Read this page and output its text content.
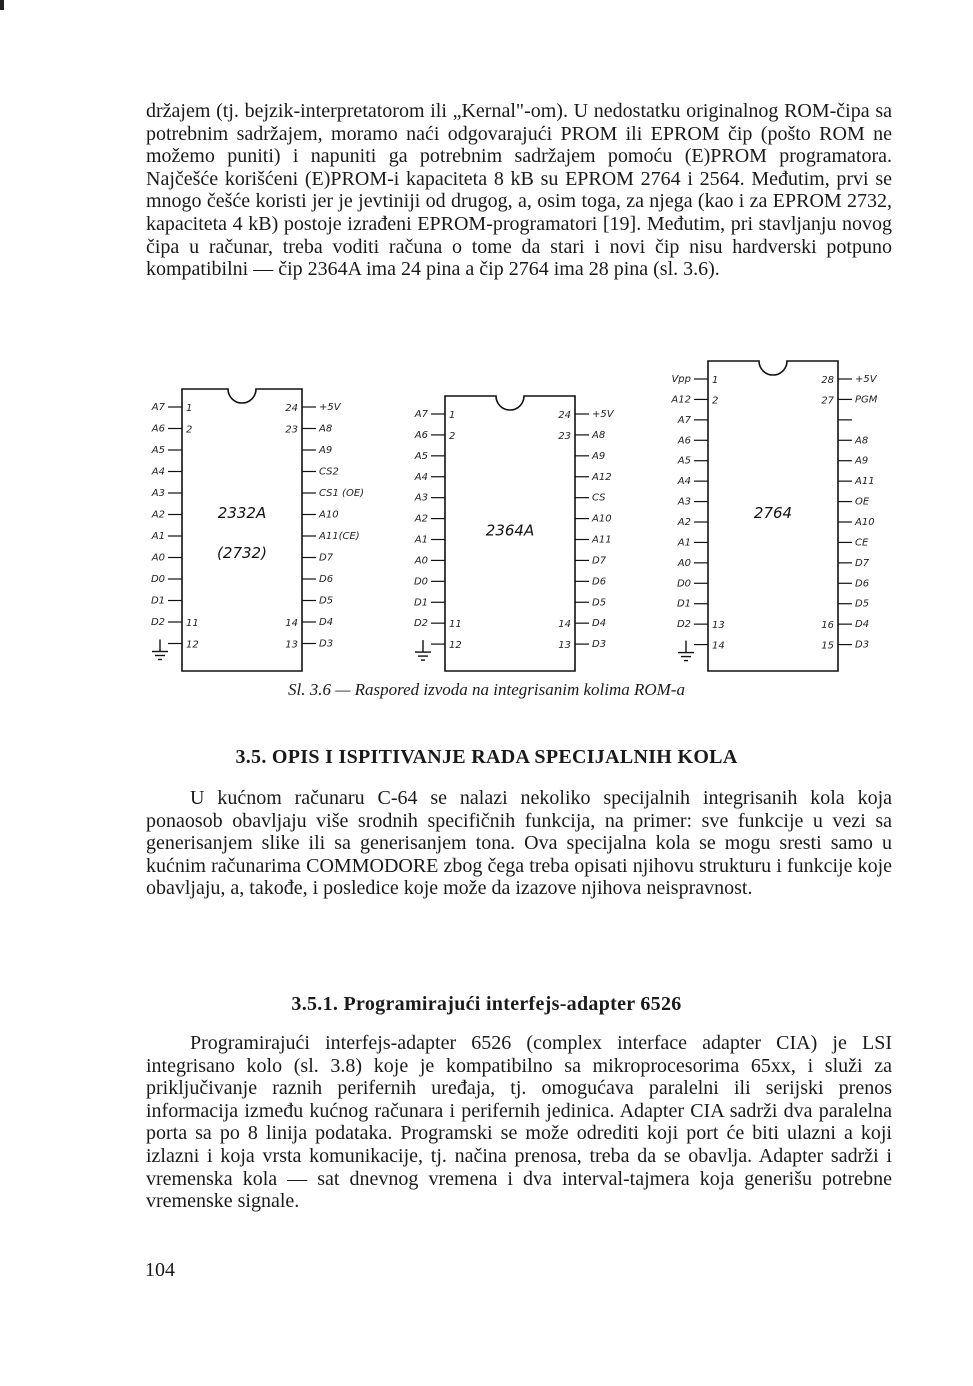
držajem (tj. bejzik-interpretatorom ili „Kernal"-om). U nedostatku originalnog ROM-čipa sa potrebnim sadržajem, moramo naći odgovarajući PROM ili EPROM čip (pošto ROM ne možemo puniti) i napuniti ga potrebnim sadržajem pomoću (E)PROM programatora. Najčešće korišćeni (E)PROM-i kapaciteta 8 kB su EPROM 2764 i 2564. Međutim, prvi se mnogo češće koristi jer je jevtiniji od drugog, a, osim toga, za njega (kao i za EPROM 2732, kapaciteta 4 kB) postoje izrađeni EPROM-programatori [19]. Međutim, pri stavljanju novog čipa u računar, treba voditi računa o tome da stari i novi čip nisu hardverski potpuno kompatibilni — čip 2364A ima 24 pina a čip 2764 ima 28 pina (sl. 3.6).

2332A
(2732)
A7
A6
A5
A4
A3
A2
A1
A0
D0
D1
D2
+5V
A8
A9
CS2
CS1 (OE)
A10
A11(CE)
D7
D6
D5
D4
D3
1
2
11
12
24
23
14
13
2364A
A7
A6
A5
A4
A3
A2
A1
A0
D0
D1
D2
+5V
A8
A9
A12
CS
A10
A11
D7
D6
D5
D4
D3
1
2
11
12
24
23
14
13
2764
Vpp
A12
A7
A6
A5
A4
A3
A2
A1
A0
D0
D1
D2
+5V
PGM
A8
A9
A11
OE
A10
CE
D7
D6
D5
D4
D3
1
2
13
14
28
27
16
15
Sl. 3.6 — Raspored izvoda na integrisanim kolima ROM-a
3.5. OPIS I ISPITIVANJE RADA SPECIJALNIH KOLA

U kućnom računaru C-64 se nalazi nekoliko specijalnih integrisanih kola koja ponaosob obavljaju više srodnih specifičnih funkcija, na primer: sve funkcije u vezi sa generisanjem slike ili sa generisanjem tona. Ova specijalna kola se mogu sresti samo u kućnim računarima COMMODORE zbog čega treba opisati njihovu strukturu i funkcije koje obavljaju, a, takođe, i posledice koje može da izazove njihova neispravnost.

3.5.1. Programirajući interfejs-adapter 6526

Programirajući interfejs-adapter 6526 (complex interface adapter CIA) je LSI integrisano kolo (sl. 3.8) koje je kompatibilno sa mikroprocesorima 65xx, i služi za priključivanje raznih perifernih uređaja, tj. omogućava paralelni ili serijski prenos informacija između kućnog računara i perifernih jedinica. Adapter CIA sadrži dva paralelna porta sa po 8 linija podataka. Programski se može odrediti koji port će biti ulazni a koji izlazni i koja vrsta komunikacije, tj. načina prenosa, treba da se obavlja. Adapter sadrži i vremenska kola — sat dnevnog vremena i dva interval-tajmera koja generišu potrebne vremenske signale.

104
